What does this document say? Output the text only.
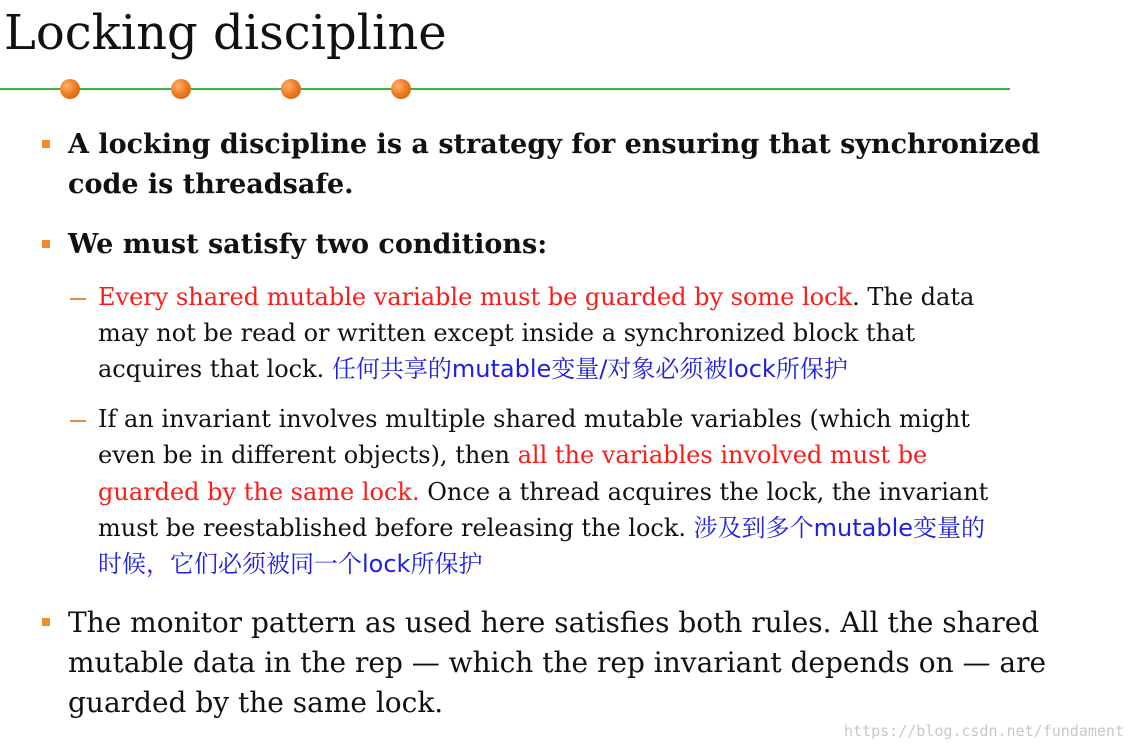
Locking discipline
A locking discipline is a strategy for ensuring that synchronized
code is threadsafe.
We must satisfy two conditions:
Every shared mutable variable must be guarded by some lock. The data
may not be read or written except inside a synchronized block that
acquires that lock. 任何共享的mutable变量/对象必须被lock所保护
If an invariant involves multiple shared mutable variables (which might
even be in different objects), then all the variables involved must be
guarded by the same lock. Once a thread acquires the lock, the invariant
must be reestablished before releasing the lock. 涉及到多个mutable变量的
时候，它们必须被同一个lock所保护
The monitor pattern as used here satisfies both rules. All the shared
mutable data in the rep — which the rep invariant depends on — are
guarded by the same lock.
https://blog.csdn.net/fundament
